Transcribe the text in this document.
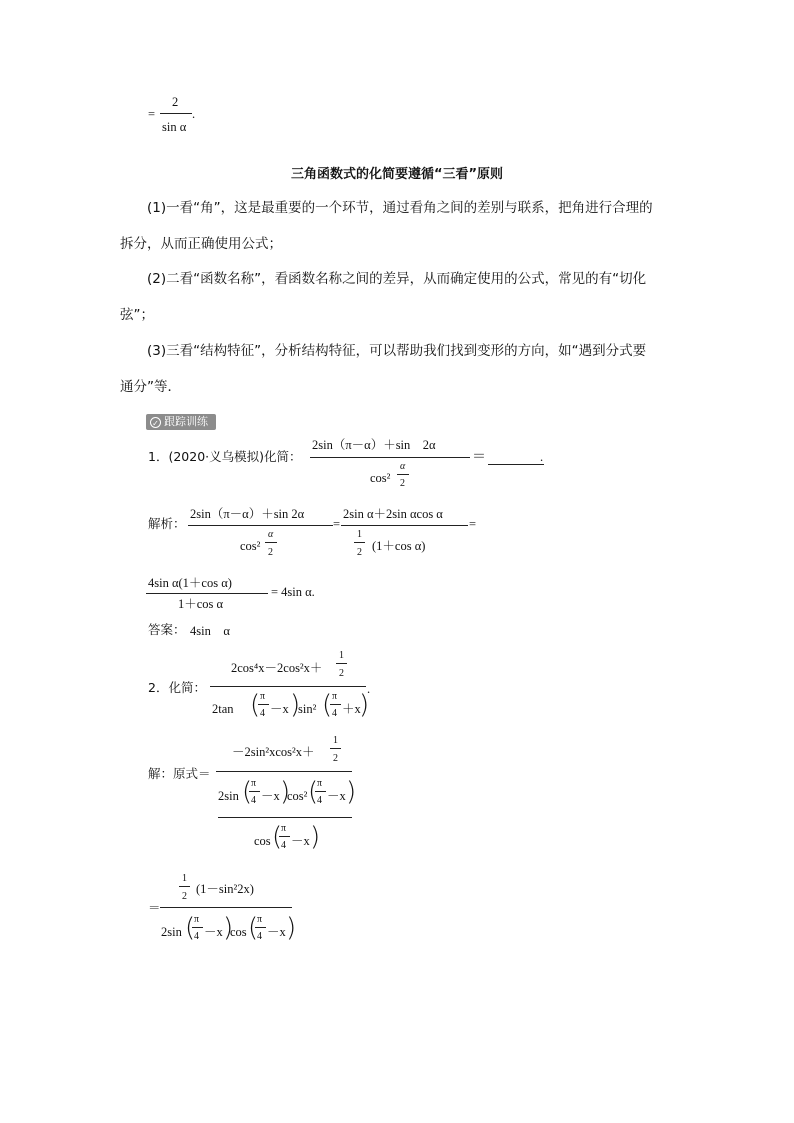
=
2
sin α
.
三角函数式的化简要遵循“三看”原则
(1)一看“角”，这是最重要的一个环节，通过看角之间的差别与联系，把角进行合理的
拆分，从而正确使用公式；
(2)二看“函数名称”，看函数名称之间的差异，从而确定使用的公式，常见的有“切化
弦”；
(3)三看“结构特征”，分析结构特征，可以帮助我们找到变形的方向，如“遇到分式要
通分”等．
✓ 跟踪训练
1．(2020·义乌模拟)化简：
2sin（π－α）＋sin　2α
cos²
α
2
＝	.
解析：
2sin（π－α）＋sin 2α
cos²
α
2
=
2sin α＋2sin αcos α
1
2 (1＋cos α)
=
4sin α(1＋cos α)
1＋cos α
= 4sin α.
答案： 4sin　α
2．化简：
2cos⁴x－2cos²x＋
1
2
2tan ( π
4 －x )
sin² ( π
4 ＋x
)
.
解：原式＝
－2sin²xcos²x＋
1
2
2sin (
π
4 －x )
cos² (
π
4 －x )
cos (
π
4 －x )
＝
1
2
(1－sin²2x)
2sin (
π
4 －x )
cos (
π
4 －x )
